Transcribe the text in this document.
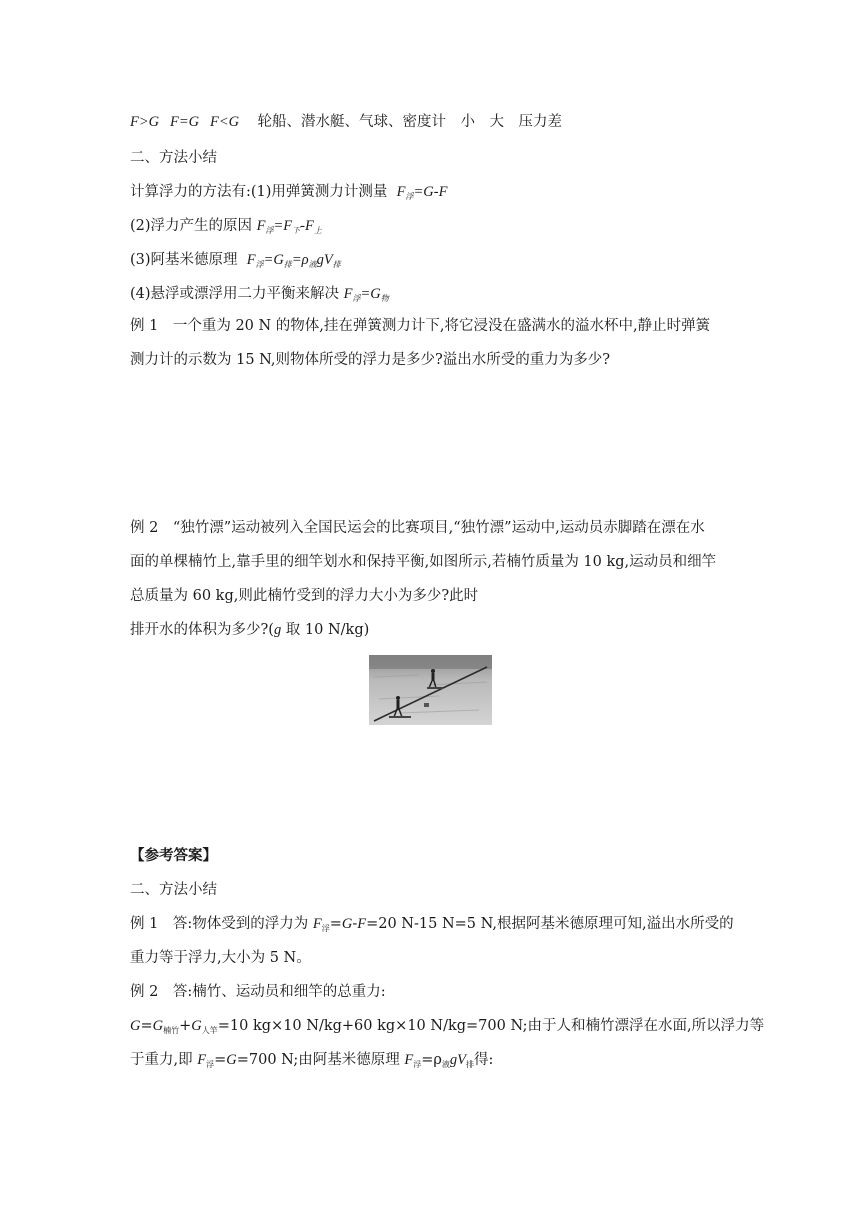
F>G   F=G   F<G 轮船、潜水艇、气球、密度计　小　大　压力差
二、方法小结
计算浮力的方法有:(1)用弹簧测力计测量 $F_浮=G-F$
(2)浮力产生的原因 $F_浮=F_下-F_上$
(3)阿基米德原理 $F_浮=G_排=\rho_液gV_排$
(4)悬浮或漂浮用二力平衡来解决 $F_浮=G_物$
例 1　一个重为 20 N 的物体,挂在弹簧测力计下,将它浸没在盛满水的溢水杯中,静止时弹簧
测力计的示数为 15 N,则物体所受的浮力是多少?溢出水所受的重力为多少?
例 2　“独竹漂”运动被列入全国民运会的比赛项目,“独竹漂”运动中,运动员赤脚踏在漂在水
面的单棵楠竹上,靠手里的细竿划水和保持平衡,如图所示,若楠竹质量为 10 kg,运动员和细竿
总质量为 60 kg,则此楠竹受到的浮力大小为多少?此时
排开水的体积为多少?(g 取 10 N/kg)
【参考答案】
二、方法小结
例 1　答:物体受到的浮力为 $F_浮=G-F=20$ N-15 N=5 N,根据阿基米德原理可知,溢出水所受的
重力等于浮力,大小为 5 N。
例 2　答:楠竹、运动员和细竿的总重力:
$G=G_{楠竹}+G_{人竿}=10$ kg×10 N/kg+60 kg×10 N/kg=700 N;由于人和楠竹漂浮在水面,所以浮力等
于重力,即 $F_浮=G=700$ N;由阿基米德原理 $F_浮=\rho_液gV_排$得:
